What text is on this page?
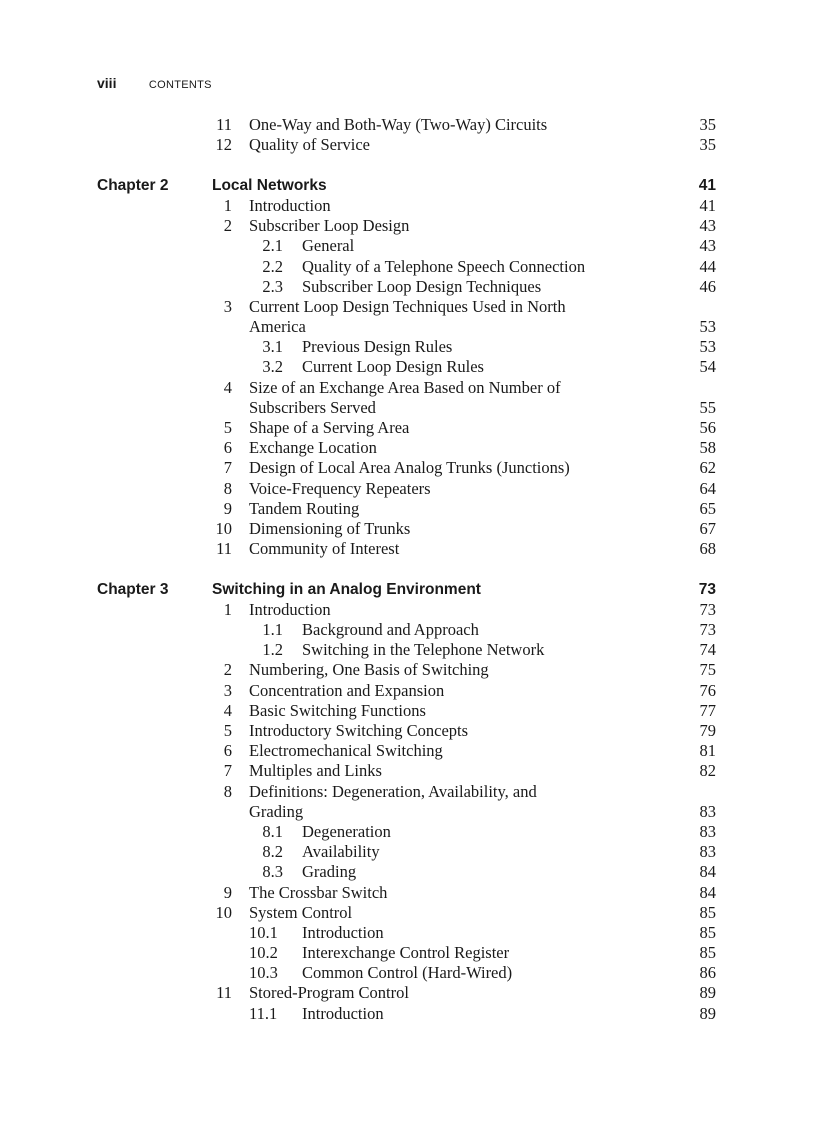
viii	CONTENTS
11 One-Way and Both-Way (Two-Way) Circuits	35
12 Quality of Service	35
Chapter 2	Local Networks	41
1 Introduction	41
2 Subscriber Loop Design	43
2.1 General	43
2.2 Quality of a Telephone Speech Connection	44
2.3 Subscriber Loop Design Techniques	46
3 Current Loop Design Techniques Used in North
America	53
3.1 Previous Design Rules	53
3.2 Current Loop Design Rules	54
4 Size of an Exchange Area Based on Number of
Subscribers Served	55
5 Shape of a Serving Area	56
6 Exchange Location	58
7 Design of Local Area Analog Trunks (Junctions)	62
8 Voice-Frequency Repeaters	64
9 Tandem Routing	65
10 Dimensioning of Trunks	67
11 Community of Interest	68
Chapter 3	Switching in an Analog Environment	73
1 Introduction	73
1.1 Background and Approach	73
1.2 Switching in the Telephone Network	74
2 Numbering, One Basis of Switching	75
3 Concentration and Expansion	76
4 Basic Switching Functions	77
5 Introductory Switching Concepts	79
6 Electromechanical Switching	81
7 Multiples and Links	82
8 Definitions: Degeneration, Availability, and
Grading	83
8.1 Degeneration	83
8.2 Availability	83
8.3 Grading	84
9 The Crossbar Switch	84
10 System Control	85
10.1 Introduction	85
10.2 Interexchange Control Register	85
10.3 Common Control (Hard-Wired)	86
11 Stored-Program Control	89
11.1 Introduction	89
